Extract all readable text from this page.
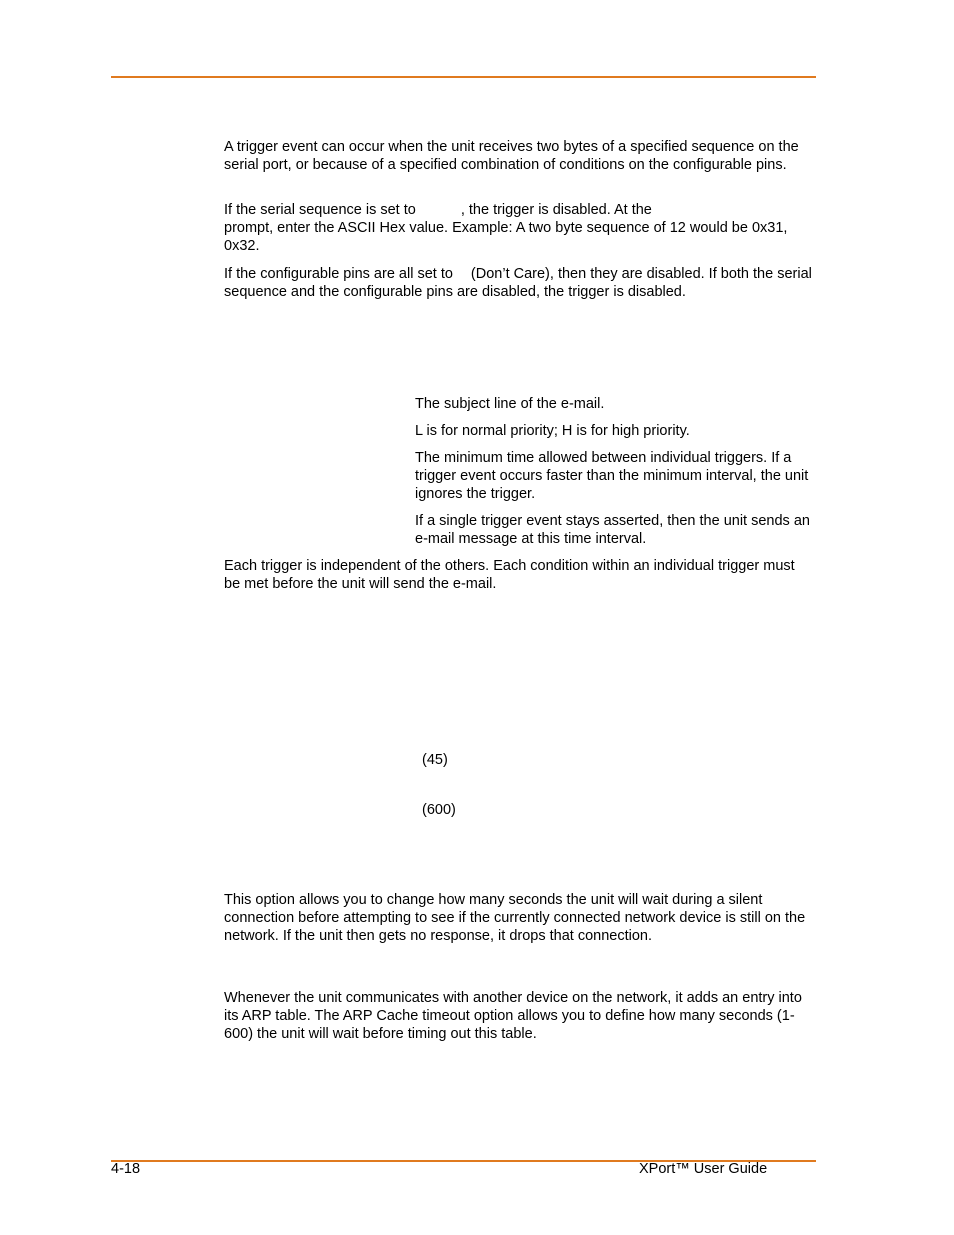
A trigger event can occur when the unit receives two bytes of a specified sequence on the serial port, or because of a specified combination of conditions on the configurable pins.

If the serial sequence is set to	, the trigger is disabled. At the
prompt, enter the ASCII Hex value. Example: A two byte sequence of 12 would be 0x31, 0x32.

If the configurable pins are all set to (Don’t Care), then they are disabled. If both the serial sequence and the configurable pins are disabled, the trigger is disabled.

The subject line of the e-mail.

L is for normal priority; H is for high priority.

The minimum time allowed between individual triggers. If a trigger event occurs faster than the minimum interval, the unit ignores the trigger.

If a single trigger event stays asserted, then the unit sends an e-mail message at this time interval.

Each trigger is independent of the others. Each condition within an individual trigger must be met before the unit will send the e-mail.

(45)
(600)

This option allows you to change how many seconds the unit will wait during a silent connection before attempting to see if the currently connected network device is still on the network. If the unit then gets no response, it drops that connection.

Whenever the unit communicates with another device on the network, it adds an entry into its ARP table. The ARP Cache timeout option allows you to define how many seconds (1-600) the unit will wait before timing out this table.

4-18	XPort™ User Guide
